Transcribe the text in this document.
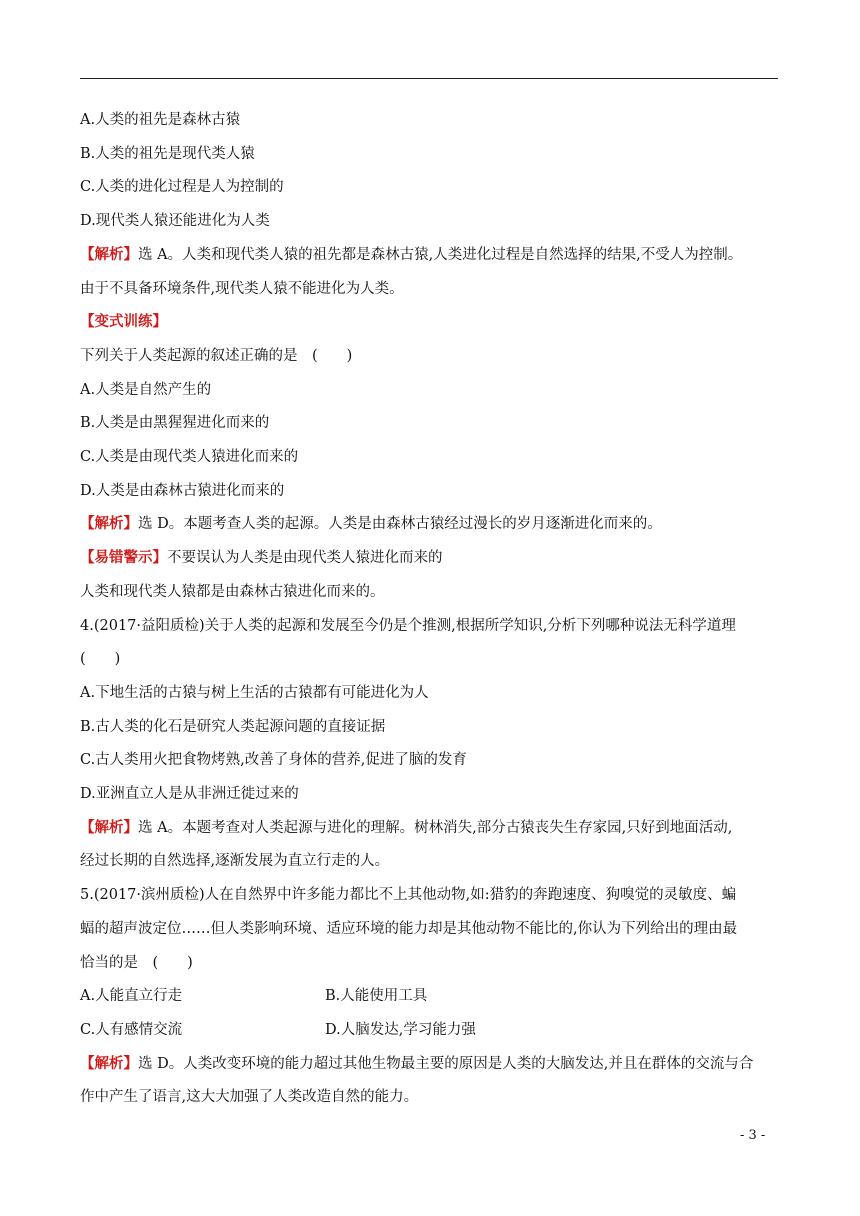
A.人类的祖先是森林古猿
B.人类的祖先是现代类人猿
C.人类的进化过程是人为控制的
D.现代类人猿还能进化为人类
【解析】选 A。人类和现代类人猿的祖先都是森林古猿,人类进化过程是自然选择的结果,不受人为控制。
由于不具备环境条件,现代类人猿不能进化为人类。
【变式训练】
下列关于人类起源的叙述正确的是　(　　)
A.人类是自然产生的
B.人类是由黑猩猩进化而来的
C.人类是由现代类人猿进化而来的
D.人类是由森林古猿进化而来的
【解析】选 D。本题考查人类的起源。人类是由森林古猿经过漫长的岁月逐渐进化而来的。
【易错警示】不要误认为人类是由现代类人猿进化而来的
人类和现代类人猿都是由森林古猿进化而来的。
4.(2017·益阳质检)关于人类的起源和发展至今仍是个推测,根据所学知识,分析下列哪种说法无科学道理
(　　)
A.下地生活的古猿与树上生活的古猿都有可能进化为人
B.古人类的化石是研究人类起源问题的直接证据
C.古人类用火把食物烤熟,改善了身体的营养,促进了脑的发育
D.亚洲直立人是从非洲迁徙过来的
【解析】选 A。本题考查对人类起源与进化的理解。树林消失,部分古猿丧失生存家园,只好到地面活动,
经过长期的自然选择,逐渐发展为直立行走的人。
5.(2017·滨州质检)人在自然界中许多能力都比不上其他动物,如:猎豹的奔跑速度、狗嗅觉的灵敏度、蝙
蝠的超声波定位……但人类影响环境、适应环境的能力却是其他动物不能比的,你认为下列给出的理由最
恰当的是　(　　)
A.人能直立行走	B.人能使用工具
C.人有感情交流	D.人脑发达,学习能力强
【解析】选 D。人类改变环境的能力超过其他生物最主要的原因是人类的大脑发达,并且在群体的交流与合
作中产生了语言,这大大加强了人类改造自然的能力。
- 3 -
